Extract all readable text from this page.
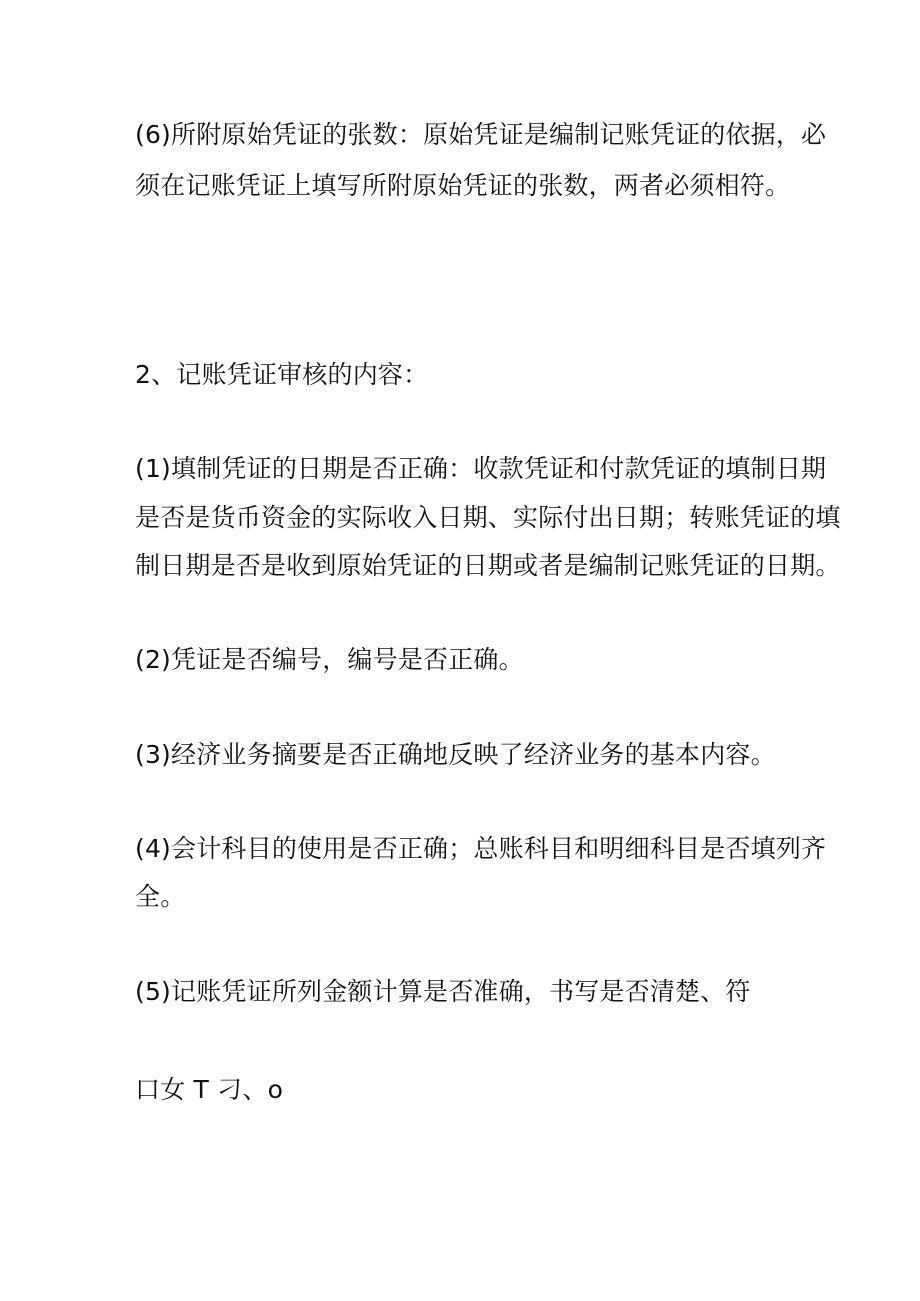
(6)所附原始凭证的张数：原始凭证是编制记账凭证的依据，必
须在记账凭证上填写所附原始凭证的张数，两者必须相符。
2、记账凭证审核的内容：
(1)填制凭证的日期是否正确：收款凭证和付款凭证的填制日期
是否是货币资金的实际收入日期、实际付出日期；转账凭证的填
制日期是否是收到原始凭证的日期或者是编制记账凭证的日期。
(2)凭证是否编号，编号是否正确。
(3)经济业务摘要是否正确地反映了经济业务的基本内容。
(4)会计科目的使用是否正确；总账科目和明细科目是否填列齐
全。
(5)记账凭证所列金额计算是否准确，书写是否清楚、符
口女 T 刁、o
